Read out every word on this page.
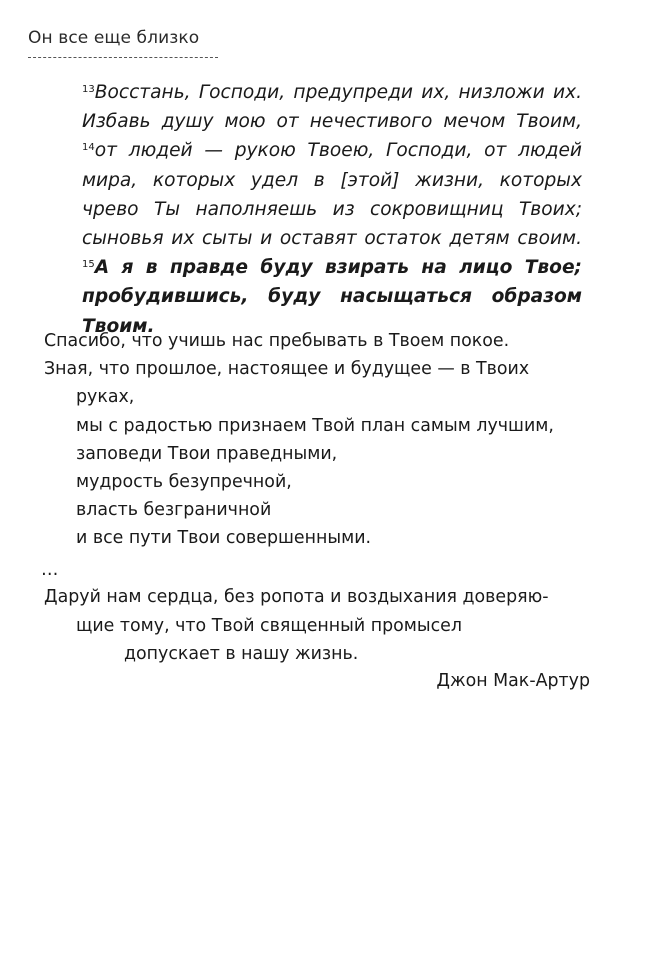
Он все еще близко
$^{13}$Восстань, Господи, предупреди их, низложи их. Избавь душу мою от нечестивого мечом Твоим, $^{14}$от людей — рукою Твоею, Господи, от людей мира, которых удел в [этой] жизни, которых чрево Ты наполняешь из сокровищниц Твоих; сыновья их сыты и оставят остаток детям своим. $^{15}$А я в правде буду взирать на лицо Твое; пробудившись, буду насыщаться образом Твоим.
Спасибо, что учишь нас пребывать в Твоем покое.
Зная, что прошлое, настоящее и будущее — в Твоих
руках,
мы с радостью признаем Твой план самым лучшим,
заповеди Твои праведными,
мудрость безупречной,
власть безграничной
и все пути Твои совершенными.
…
Даруй нам сердца, без ропота и воздыхания доверяю-
щие тому, что Твой священный промысел
допускает в нашу жизнь.
Джон Мак-Артур
